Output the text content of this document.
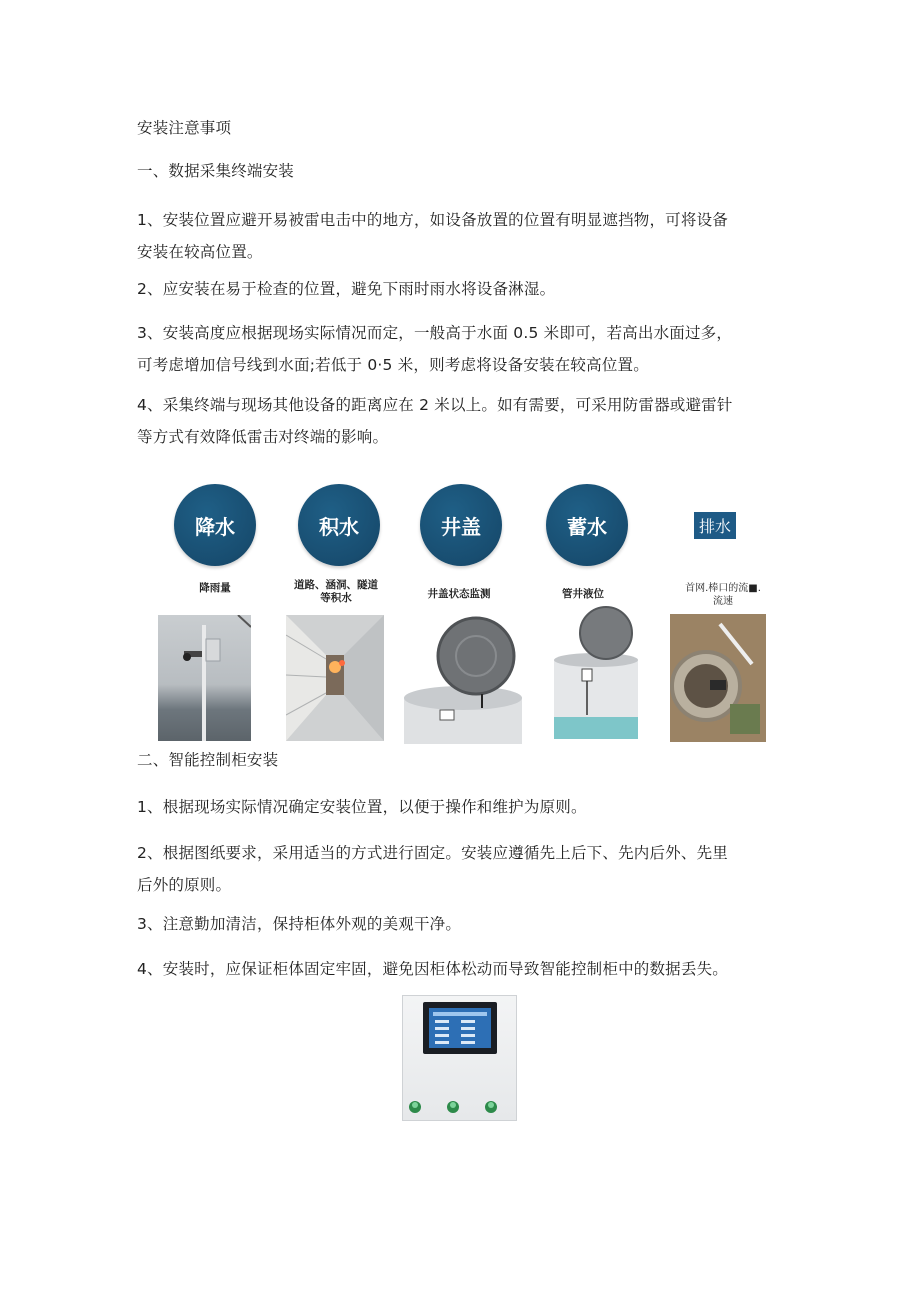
安装注意事项

一、数据采集终端安装

1、安装位置应避开易被雷电击中的地方，如设备放置的位置有明显遮挡物，可将设备
安装在较高位置。
2、应安装在易于检查的位置，避免下雨时雨水将设备淋湿。
3、安装高度应根据现场实际情况而定，一般高于水面 0.5 米即可，若高出水面过多，
可考虑增加信号线到水面;若低于 0·5 米，则考虑将设备安装在较高位置。
4、采集终端与现场其他设备的距离应在 2 米以上。如有需要，可采用防雷器或避雷针
等方式有效降低雷击对终端的影响。
降水
降雨量
积水
道路、涵洞、隧道
等积水
井盖
井盖状态监测
蓄水
管井液位
排水
首网.棒口的流■.
流速

二、智能控制柜安装

1、根据现场实际情况确定安装位置，以便于操作和维护为原则。
2、根据图纸要求，采用适当的方式进行固定。安装应遵循先上后下、先内后外、先里
后外的原则。
3、注意勤加清洁，保持柜体外观的美观干净。
4、安装时，应保证柜体固定牢固，避免因柜体松动而导致智能控制柜中的数据丢失。
